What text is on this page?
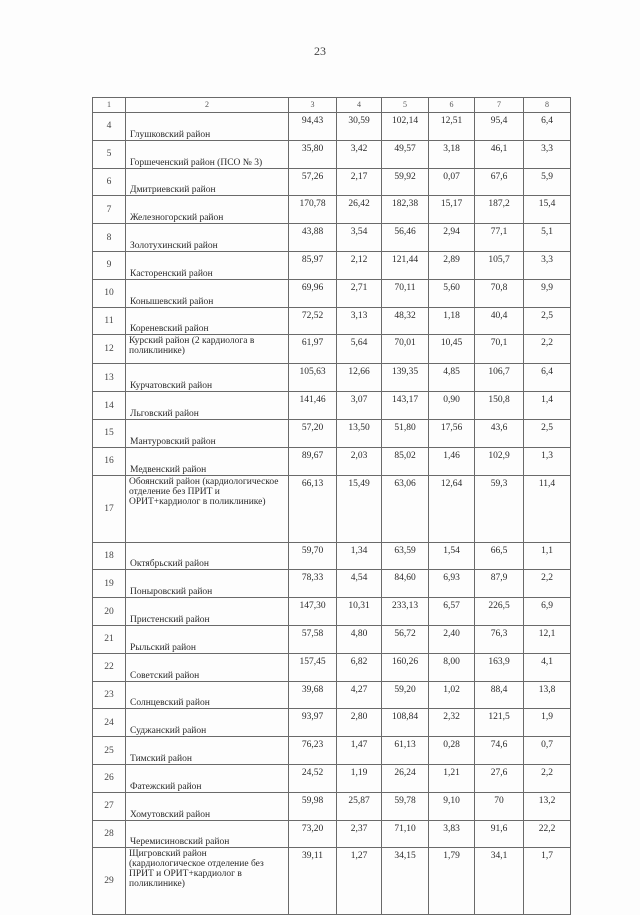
23
1	2	3	4	5	6	7	8
4	Глушковский район	94,43	30,59	102,14	12,51	95,4	6,4
5	Горшеченский район (ПСО № 3)	35,80	3,42	49,57	3,18	46,1	3,3
6	Дмитриевский район	57,26	2,17	59,92	0,07	67,6	5,9
7	Железногорский район	170,78	26,42	182,38	15,17	187,2	15,4
8	Золотухинский район	43,88	3,54	56,46	2,94	77,1	5,1
9	Касторенский район	85,97	2,12	121,44	2,89	105,7	3,3
10	Конышевский район	69,96	2,71	70,11	5,60	70,8	9,9
11	Кореневский район	72,52	3,13	48,32	1,18	40,4	2,5
12	Курский район (2 кардиолога в поликлинике)	61,97	5,64	70,01	10,45	70,1	2,2
13	Курчатовский район	105,63	12,66	139,35	4,85	106,7	6,4
14	Льговский район	141,46	3,07	143,17	0,90	150,8	1,4
15	Мантуровский район	57,20	13,50	51,80	17,56	43,6	2,5
16	Медвенский район	89,67	2,03	85,02	1,46	102,9	1,3
17	Обоянский район (кардиологическое отделение без ПРИТ и ОРИТ+кардиолог в поликлинике)	66,13	15,49	63,06	12,64	59,3	11,4
18	Октябрьский район	59,70	1,34	63,59	1,54	66,5	1,1
19	Поныровский район	78,33	4,54	84,60	6,93	87,9	2,2
20	Пристенский район	147,30	10,31	233,13	6,57	226,5	6,9
21	Рыльский район	57,58	4,80	56,72	2,40	76,3	12,1
22	Советский район	157,45	6,82	160,26	8,00	163,9	4,1
23	Солнцевский район	39,68	4,27	59,20	1,02	88,4	13,8
24	Суджанский район	93,97	2,80	108,84	2,32	121,5	1,9
25	Тимский район	76,23	1,47	61,13	0,28	74,6	0,7
26	Фатежский район	24,52	1,19	26,24	1,21	27,6	2,2
27	Хомутовский район	59,98	25,87	59,78	9,10	70	13,2
28	Черемисиновский район	73,20	2,37	71,10	3,83	91,6	22,2
29	Щигровский район (кардиологическое отделение без ПРИТ и ОРИТ+кардиолог в поликлинике)	39,11	1,27	34,15	1,79	34,1	1,7
